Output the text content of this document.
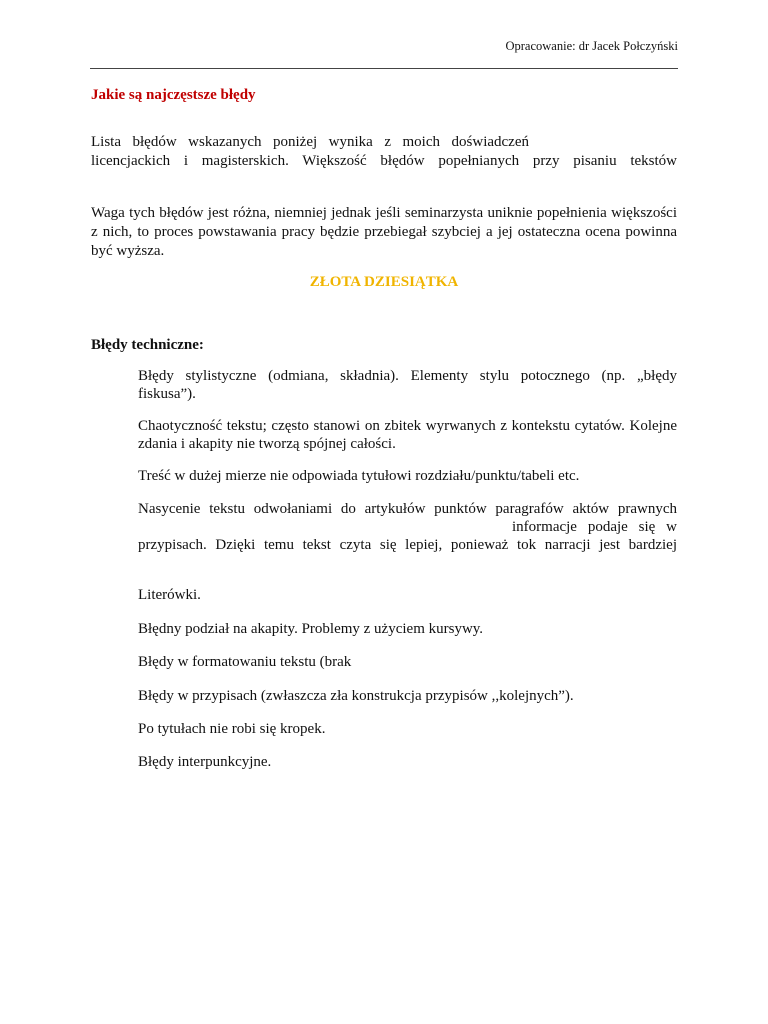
Opracowanie: dr Jacek Połczyński
Jakie są najczęstsze błędy
Lista błędów wskazanych poniżej wynika z moich doświadczeń
licencjackich i magisterskich. Większość błędów popełnianych przy pisaniu tekstów
Waga tych błędów jest różna, niemniej jednak jeśli seminarzysta uniknie popełnienia większości z nich, to proces powstawania pracy będzie przebiegał szybciej a jej ostateczna ocena powinna być wyższa.
ZŁOTA DZIESIĄTKA
Błędy techniczne:
Błędy stylistyczne (odmiana, składnia). Elementy stylu potocznego (np. „błędy
fiskusa”).
Chaotyczność tekstu; często stanowi on zbitek wyrwanych z kontekstu cytatów. Kolejne
zdania i akapity nie tworzą spójnej całości.
Treść w dużej mierze nie odpowiada tytułowi rozdziału/punktu/tabeli etc.
Nasycenie tekstu odwołaniami do artykułów punktów paragrafów aktów prawnych
informacje podaje się w
przypisach. Dzięki temu tekst czyta się lepiej, ponieważ tok narracji jest bardziej
Literówki.
Błędny podział na akapity. Problemy z użyciem kursywy.
Błędy w formatowaniu tekstu (brak
Błędy w przypisach (zwłaszcza zła konstrukcja przypisów ,,kolejnych”).
Po tytułach nie robi się kropek.
Błędy interpunkcyjne.
